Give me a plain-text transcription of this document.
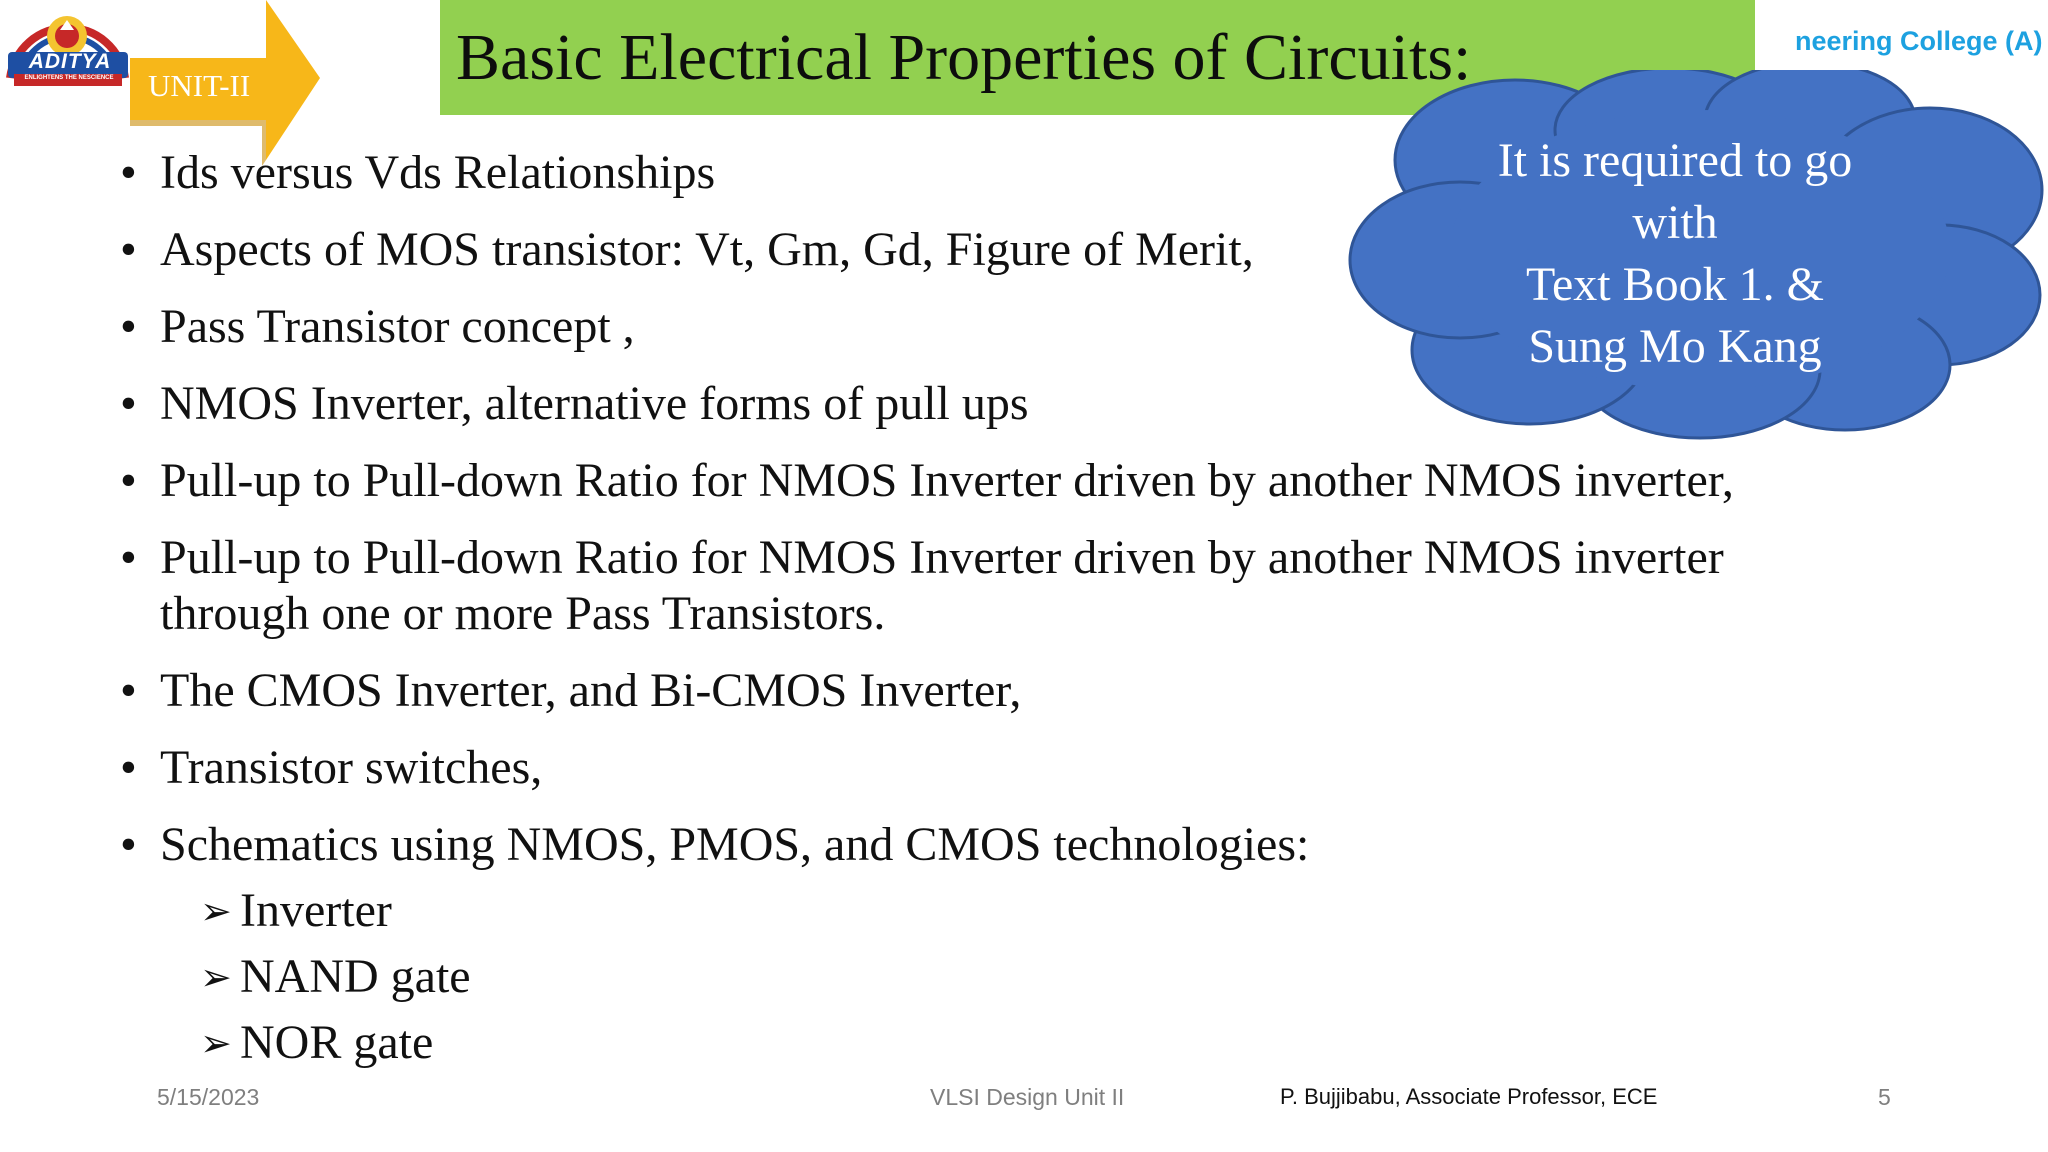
ADITYA
ENLIGHTENS THE NESCIENCE	UNIT-II	Basic Electrical Properties of Circuits:	neering College (A)
• Ids versus Vds Relationships
• Aspects of MOS transistor: Vt, Gm, Gd, Figure of Merit,
• Pass Transistor concept ,
• NMOS Inverter, alternative forms of pull ups
• Pull-up to Pull-down Ratio for NMOS Inverter driven by another NMOS inverter,
• Pull-up to Pull-down Ratio for NMOS Inverter driven by another NMOS inverter
through one or more Pass Transistors.
• The CMOS Inverter, and Bi-CMOS Inverter,
• Transistor switches,
• Schematics using NMOS, PMOS, and CMOS technologies:
➢ Inverter
➢ NAND gate
➢ NOR gate
It is required to go
with
Text Book 1. &
Sung Mo Kang
5/15/2023	VLSI Design Unit II	P. Bujjibabu, Associate Professor, ECE	5
